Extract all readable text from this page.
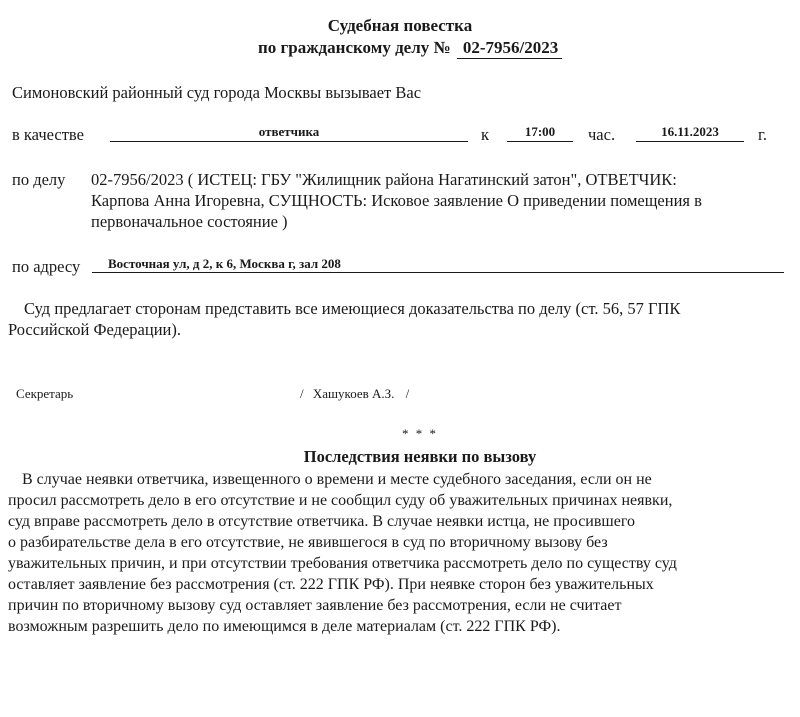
Судебная повестка
по гражданскому делу № 02-7956/2023
Симоновский районный суд города Москвы вызывает Вас
в качестве	ответчика	к	17:00	час.	16.11.2023	г.
по делу 02-7956/2023 ( ИСТЕЦ: ГБУ "Жилищник района Нагатинский затон", ОТВЕТЧИК:
Карпова Анна Игоревна, СУЩНОСТЬ: Исковое заявление О приведении помещения в
первоначальное состояние )
по адресу Восточная ул, д 2, к 6, Москва г, зал 208
Суд предлагает сторонам представить все имеющиеся доказательства по делу (ст. 56, 57 ГПК
Российской Федерации).
Секретарь	/ Хашукоев А.З. /
* * *
Последствия неявки по вызову
В случае неявки ответчика, извещенного о времени и месте судебного заседания, если он не
просил рассмотреть дело в его отсутствие и не сообщил суду об уважительных причинах неявки,
суд вправе рассмотреть дело в отсутствие ответчика. В случае неявки истца, не просившего
о разбирательстве дела в его отсутствие, не явившегося в суд по вторичному вызову без
уважительных причин, и при отсутствии требования ответчика рассмотреть дело по существу суд
оставляет заявление без рассмотрения (ст. 222 ГПК РФ). При неявке сторон без уважительных
причин по вторичному вызову суд оставляет заявление без рассмотрения, если не считает
возможным разрешить дело по имеющимся в деле материалам (ст. 222 ГПК РФ).
